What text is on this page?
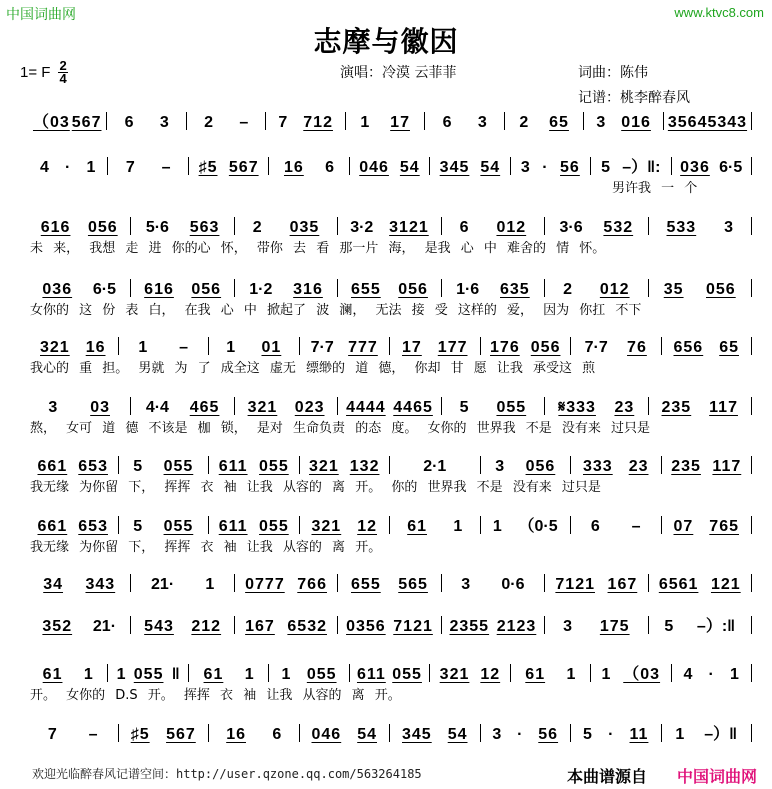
中国词曲网	www.ktvc8.com
志摩与徽因
1= F $\frac{2}{4}$	演唱：冷漠 云菲菲	词曲：陈伟
记谱：桃李醉春风
（03 567 6 3 2 – 7 712 1 17 6 3 2 65 3 016 3564 5343
4 · 1 7 – ♯5 567 16 6 046 54 345 54 3 · 56 5 –）‖: 036 6·5
男许我 一 个
616 056 5·6 563 2 035 3·2 3121 6 012 3·6 532 533 3
未 来， 我想 走 进 你的心 怀， 带你 去 看 那一片 海， 是我 心 中 难舍的 情 怀。
036 6·5 616 056 1·2 316 655 056 1·6 635 2 012 35 056
女你的 这 份 表 白， 在我 心 中 掀起了 波 澜， 无法 接 受 这样的 爱， 因为 你扛 不下
321 16 1 – 1 01 7·7 777 17 177 176 056 7·7 76 656 65
我心的 重 担。 男就 为 了 成全这 虚无 缥缈的 道 德， 你却 甘 愿 让我 承受这 煎
3 03 4·4 465 321 023 4444 4465 5 055 𝄋333 23 235 117
熬， 女可 道 德 不该是 枷 锁， 是对 生命负责 的态 度。 女你的 世界我 不是 没有来 过只是
661 653 5 055 611 055 321 132	2·1	3 056 333 23 235 117
我无缘 为你留 下， 挥挥 衣 袖 让我 从容的 离 开。 你的 世界我 不是 没有来 过只是
661 653 5 055 611 055 321 12 61 1 1 （0·5 6 – 07 765
我无缘 为你留 下， 挥挥 衣 袖 让我 从容的 离 开。
34 343 21· 1 0777 766 655 565 3 0·6 7121 167 6561 121
352 21· 543 212 167 6532 0356 7121 2355 2123 3 175 5 –）:‖
61 1 1 055 ‖ 61 1 1 055 611 055 321 12 61 1 1 （03 4 · 1
开。 女你的 D.S 开。 挥挥 衣 袖 让我 从容的 离 开。
7 – ♯5 567 16 6 046 54 345 54 3 · 56 5 · 11 1 –）‖
欢迎光临醉春风记谱空间：http://user.qzone.qq.com/563264185	本曲谱源自 中国词曲网
